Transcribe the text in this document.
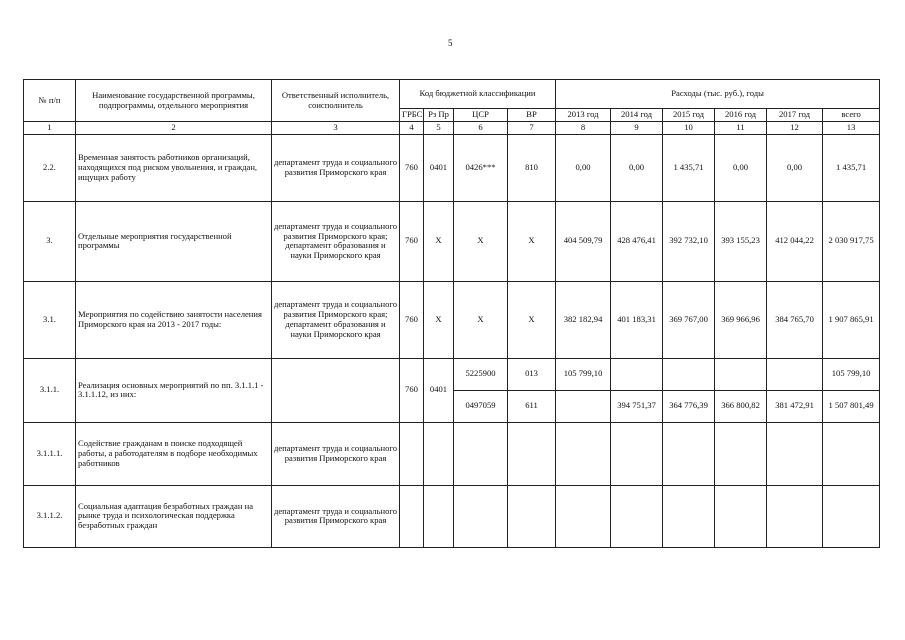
5
№ п/п	Наименование государственной программы, подпрограммы, отдельного мероприятия	Ответственный исполнитель, соисполнитель	Код бюджетной классификации				Расходы (тыс. руб.), годы					
			ГРБС	Рз Пр	ЦСР	ВР	2013 год	2014 год	2015 год	2016 год	2017 год	всего
1	2	3	4	5	6	7	8	9	10	11	12	13
2.2.	Временная занятость работников организаций, находящихся под риском увольнения, и граждан, ищущих работу	департамент труда и социального развития Приморского края	760	0401	0426***	810	0,00	0,00	1 435,71	0,00	0,00	1 435,71
3.	Отдельные мероприятия государственной программы	департамент труда и социального развития Приморского края; департамент образования и науки Приморского края	760	X	X	X	404 509,79	428 476,41	392 732,10	393 155,23	412 044,22	2 030 917,75
3.1.	Мероприятия по содействию занятости населения Приморского края на 2013 - 2017 годы:	департамент труда и социального развития Приморского края; департамент образования и науки Приморского края	760	X	X	X	382 182,94	401 183,31	369 767,00	369 966,96	384 765,70	1 907 865,91
3.1.1.	Реализация основных мероприятий по пп. 3.1.1.1 - 3.1.1.12, из них:		760	0401	5225900	013	105 799,10					105 799,10
					0497059	611		394 751,37	364 776,39	366 800,82	381 472,91	1 507 801,49
3.1.1.1.	Содействие гражданам в поиске подходящей работы, а работодателям в подборе необходимых работников	департамент труда и социального развития Приморского края										
3.1.1.2.	Социальная адаптация безработных граждан на рынке труда и психологическая поддержка безработных граждан	департамент труда и социального развития Приморского края										
